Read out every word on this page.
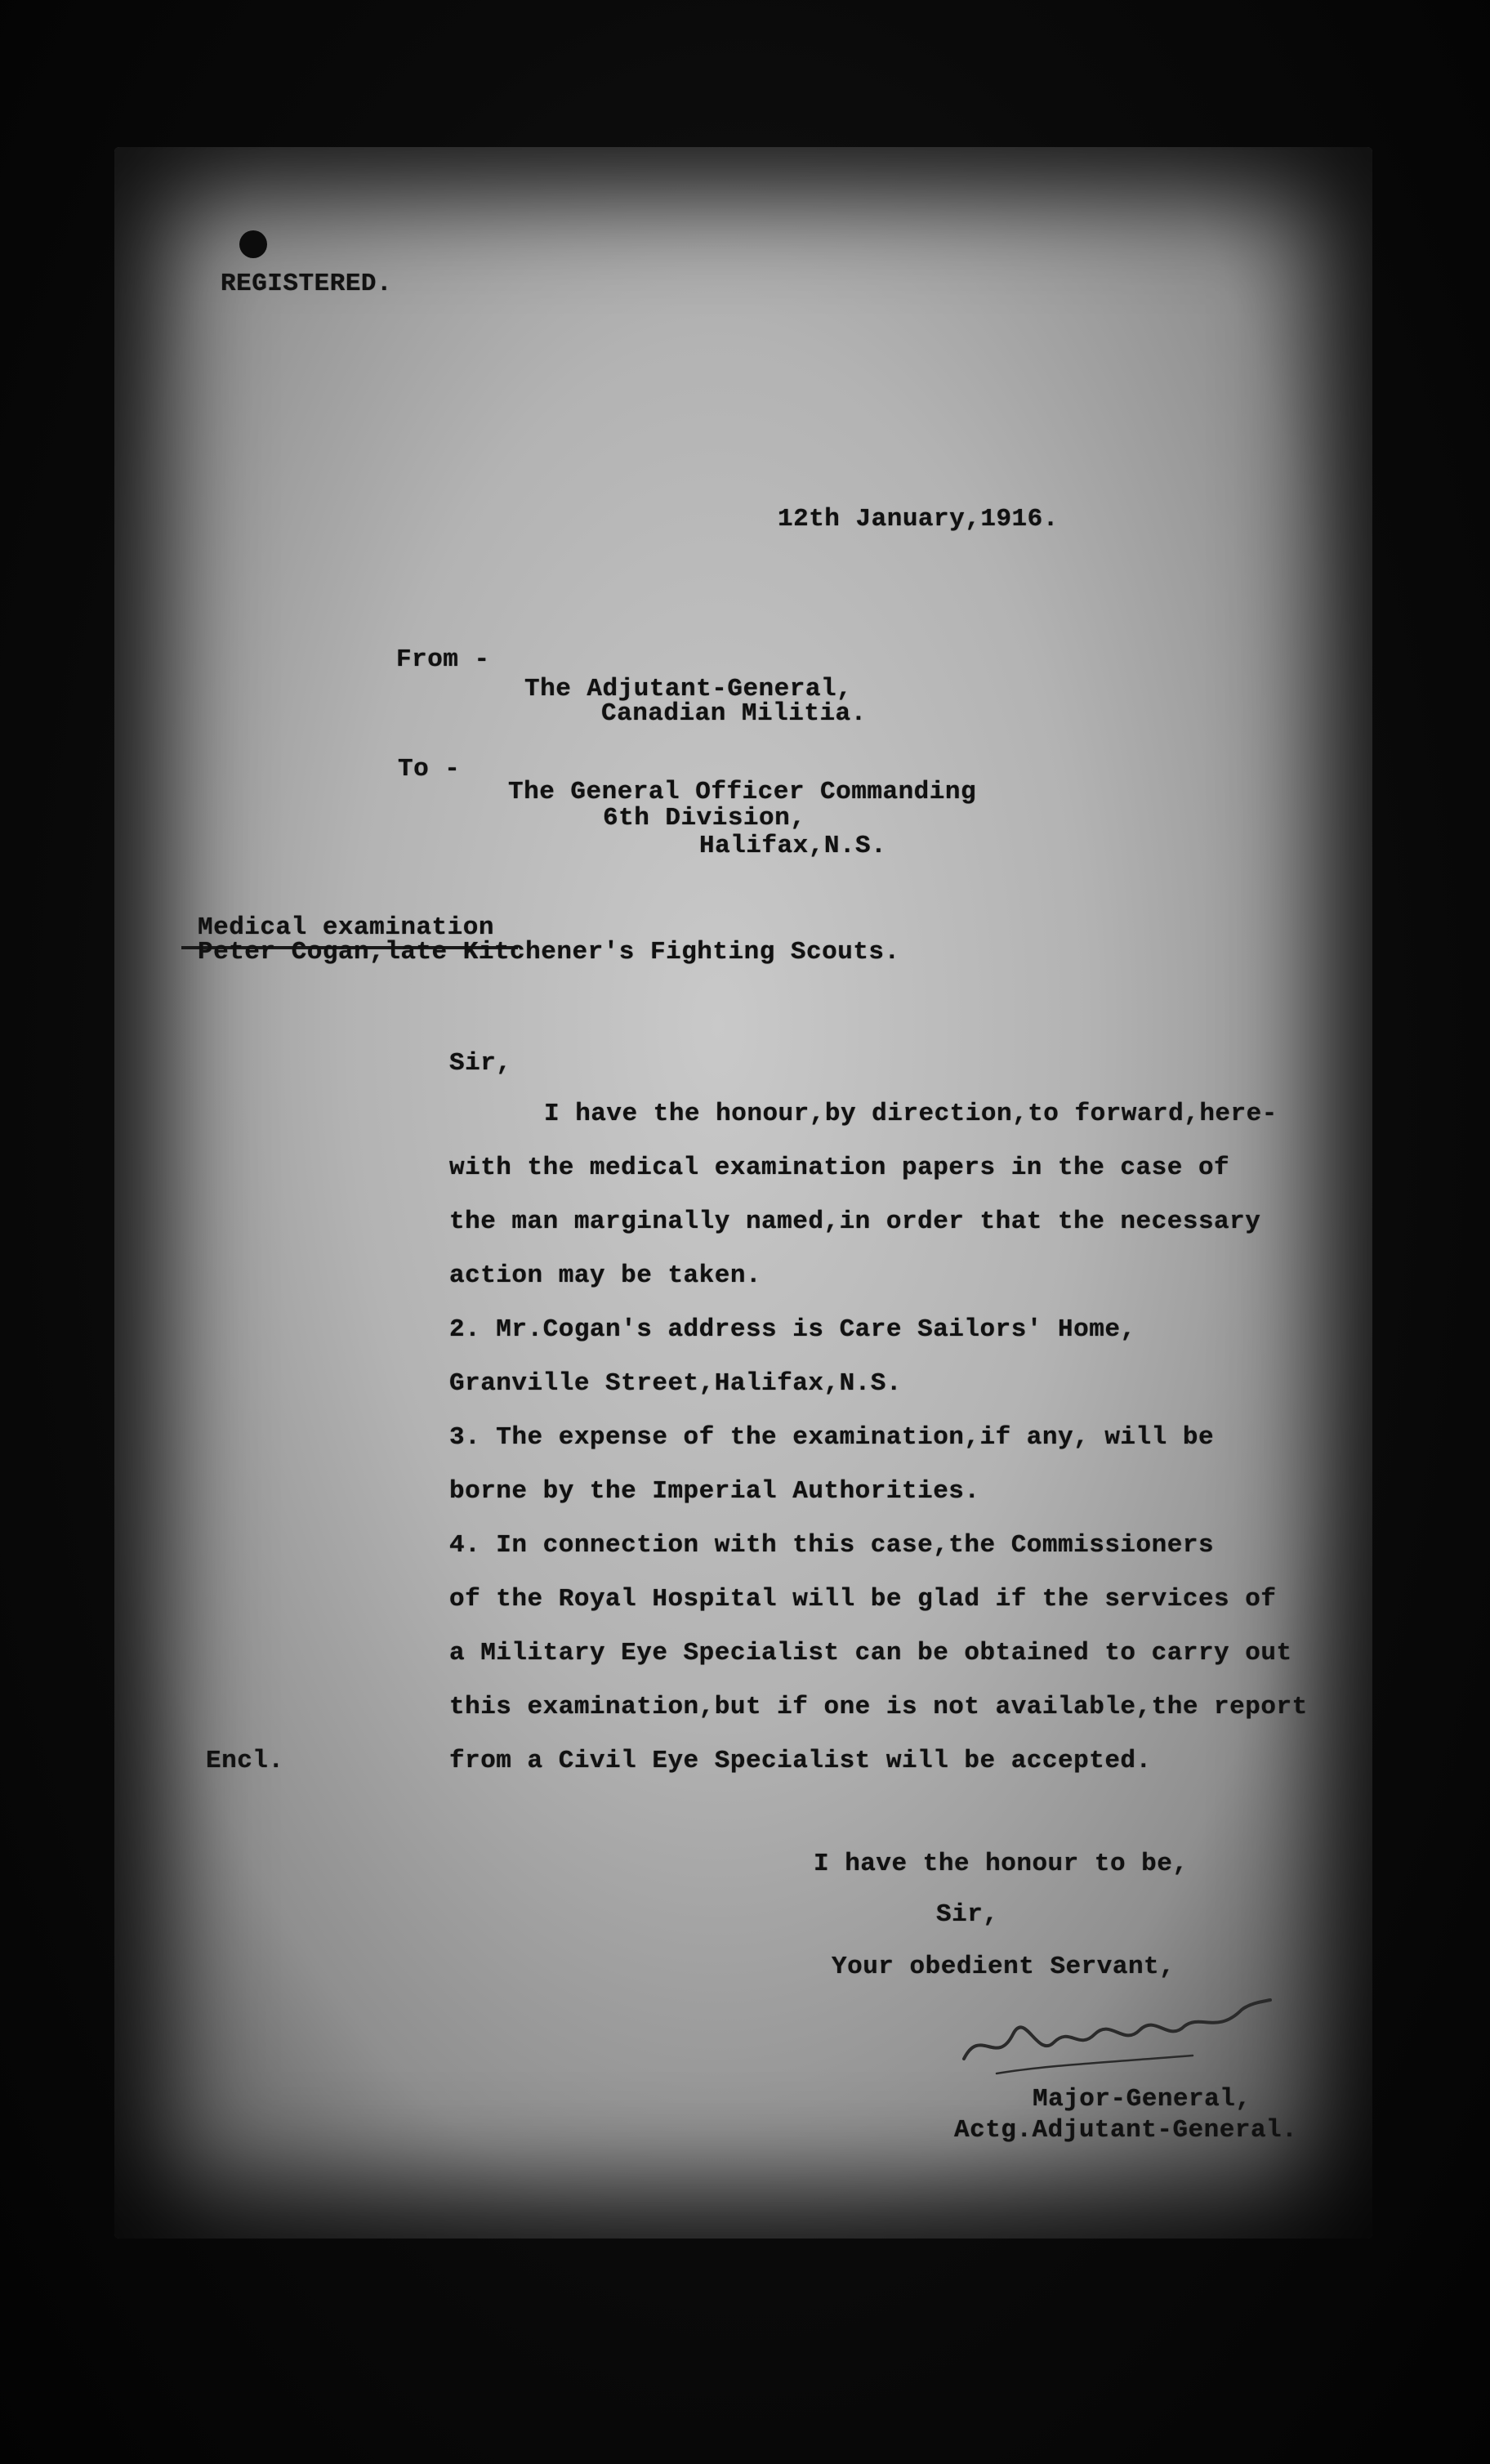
REGISTERED.
12th January,1916.
From -
The Adjutant-General,
Canadian Militia.
To -
The General Officer Commanding
6th Division,
Halifax,N.S.
Medical examination
Peter Cogan,late Kitchener's Fighting Scouts.
Sir,
I have the honour,by direction,to forward,here-
with the medical examination papers in the case of
the man marginally named,in order that the necessary
action may be taken.
2. Mr.Cogan's address is Care Sailors' Home,
Granville Street,Halifax,N.S.
3. The expense of the examination,if any, will be
borne by the Imperial Authorities.
4. In connection with this case,the Commissioners
of the Royal Hospital will be glad if the services of
a Military Eye Specialist can be obtained to carry out
this examination,but if one is not available,the report
from a Civil Eye Specialist will be accepted.
Encl.
I have the honour to be,
Sir,
Your obedient Servant,
Major-General,
Actg.Adjutant-General.
